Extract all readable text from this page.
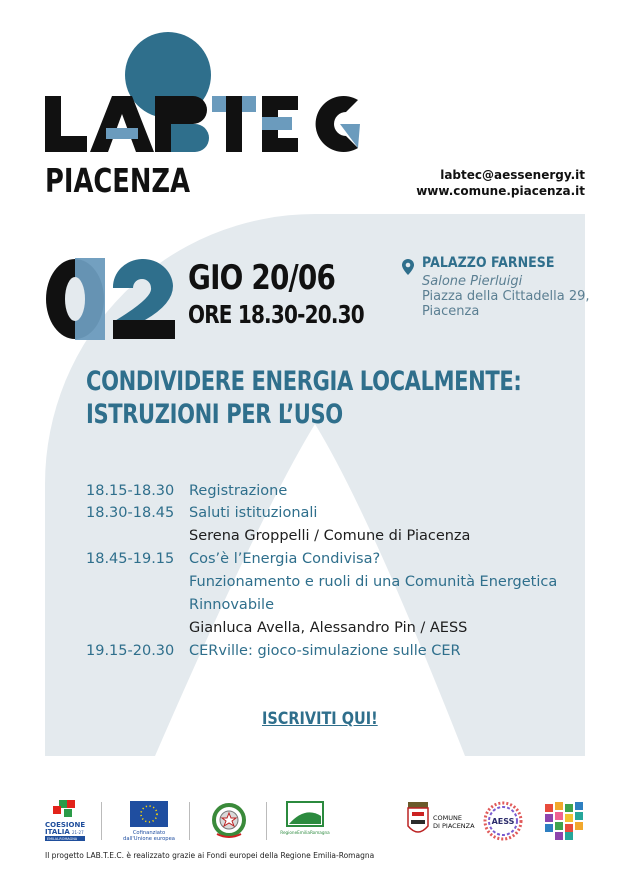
PIACENZA	labtec@aessenergy.it
www.comune.piacenza.it
02
GIO 20/06
ORE 18.30-20.30
PALAZZO FARNESE
Salone Pierluigi
Piazza della Cittadella 29,
Piacenza
CONDIVIDERE ENERGIA LOCALMENTE:
ISTRUZIONI PER L’USO
18.15-18.30 Registrazione
18.30-18.45 Saluti istituzionali
Serena Groppelli / Comune di Piacenza
18.45-19.15 Cos’è l’Energia Condivisa?
Funzionamento e ruoli di una Comunità Energetica
Rinnovabile
Gianluca Avella, Alessandro Pin / AESS
19.15-20.30 CERville: gioco-simulazione sulle CER
ISCRIVITI QUI!
COESIONE
ITALIA 21-27
EMILIA-ROMAGNA
Cofinanziato
dall'Unione europea
RegioneEmiliaRomagna
COMUNE
DI PIACENZA AESS
Il progetto LAB.T.E.C. è realizzato grazie ai Fondi europei della Regione Emilia-Romagna
